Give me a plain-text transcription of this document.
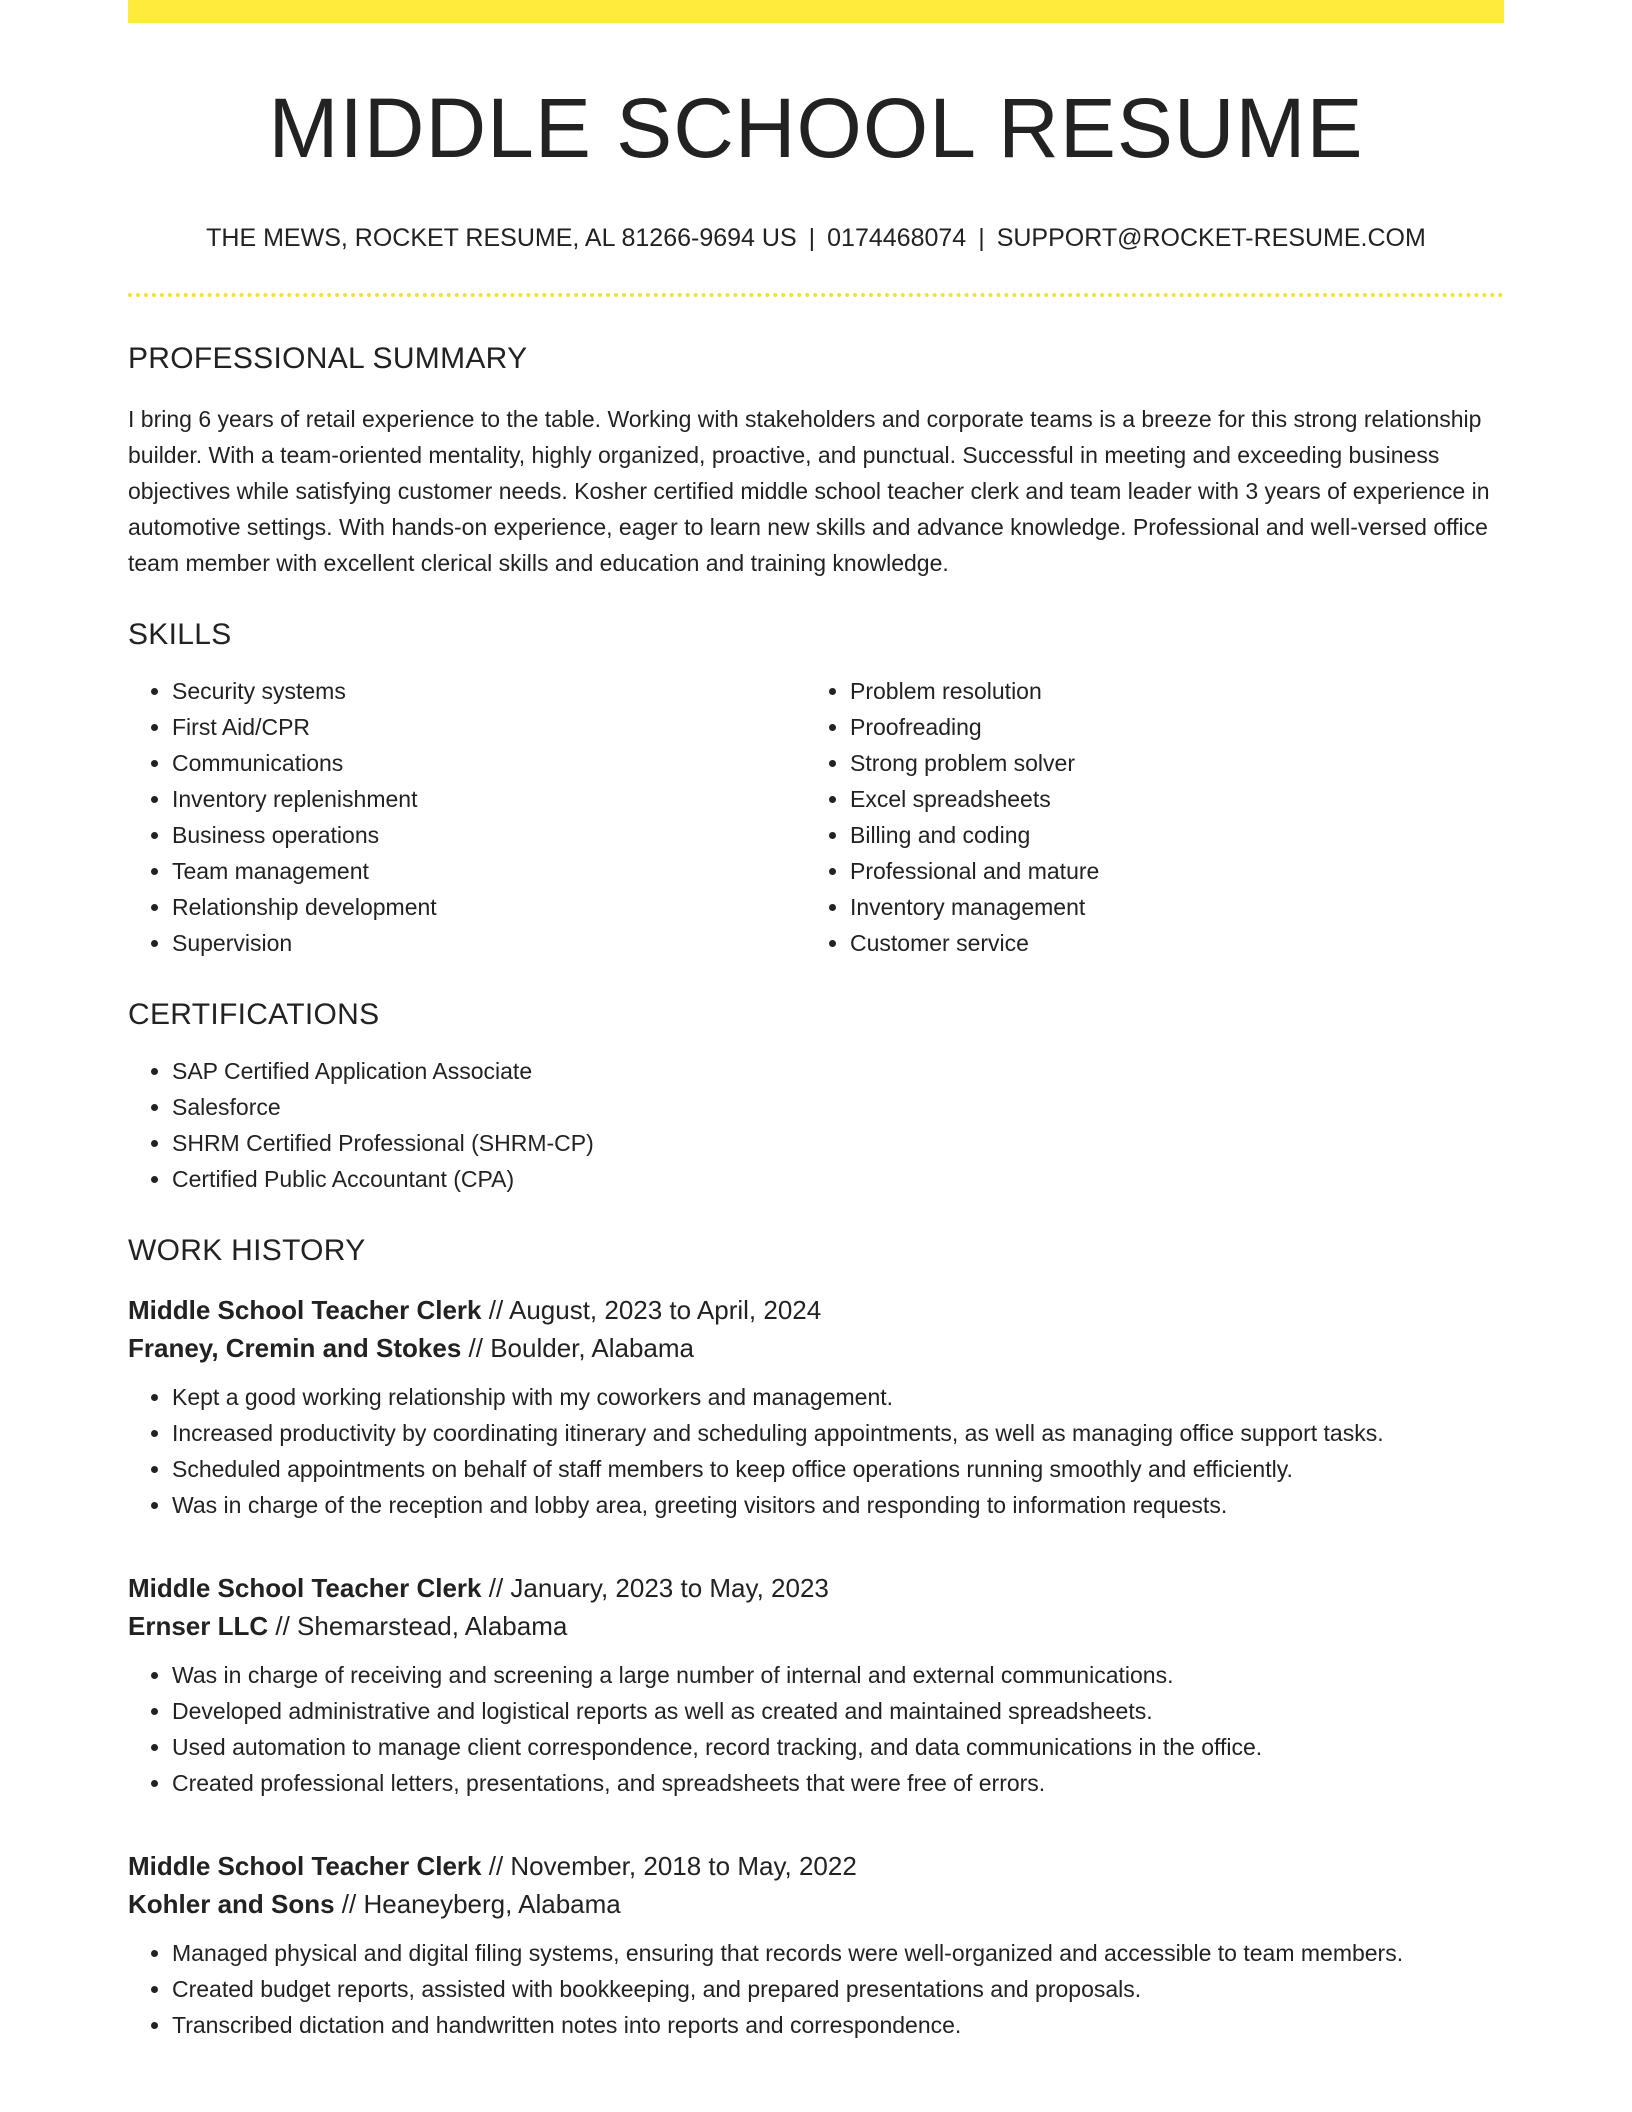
MIDDLE SCHOOL RESUME
THE MEWS, ROCKET RESUME, AL 81266-9694 US | 0174468074 | SUPPORT@ROCKET-RESUME.COM
PROFESSIONAL SUMMARY

I bring 6 years of retail experience to the table. Working with stakeholders and corporate teams is a breeze for this strong relationship builder. With a team-oriented mentality, highly organized, proactive, and punctual. Successful in meeting and exceeding business objectives while satisfying customer needs. Kosher certified middle school teacher clerk and team leader with 3 years of experience in automotive settings. With hands-on experience, eager to learn new skills and advance knowledge. Professional and well-versed office team member with excellent clerical skills and education and training knowledge.

SKILLS
• Security systems
• First Aid/CPR
• Communications
• Inventory replenishment
• Business operations
• Team management
• Relationship development
• Supervision
• Problem resolution
• Proofreading
• Strong problem solver
• Excel spreadsheets
• Billing and coding
• Professional and mature
• Inventory management
• Customer service
CERTIFICATIONS
• SAP Certified Application Associate
• Salesforce
• SHRM Certified Professional (SHRM-CP)
• Certified Public Accountant (CPA)
WORK HISTORY
Middle School Teacher Clerk // August, 2023 to April, 2024
Franey, Cremin and Stokes // Boulder, Alabama
• Kept a good working relationship with my coworkers and management.
• Increased productivity by coordinating itinerary and scheduling appointments, as well as managing office support tasks.
• Scheduled appointments on behalf of staff members to keep office operations running smoothly and efficiently.
• Was in charge of the reception and lobby area, greeting visitors and responding to information requests.
Middle School Teacher Clerk // January, 2023 to May, 2023
Ernser LLC // Shemarstead, Alabama
• Was in charge of receiving and screening a large number of internal and external communications.
• Developed administrative and logistical reports as well as created and maintained spreadsheets.
• Used automation to manage client correspondence, record tracking, and data communications in the office.
• Created professional letters, presentations, and spreadsheets that were free of errors.
Middle School Teacher Clerk // November, 2018 to May, 2022
Kohler and Sons // Heaneyberg, Alabama
• Managed physical and digital filing systems, ensuring that records were well-organized and accessible to team members.
• Created budget reports, assisted with bookkeeping, and prepared presentations and proposals.
• Transcribed dictation and handwritten notes into reports and correspondence.
